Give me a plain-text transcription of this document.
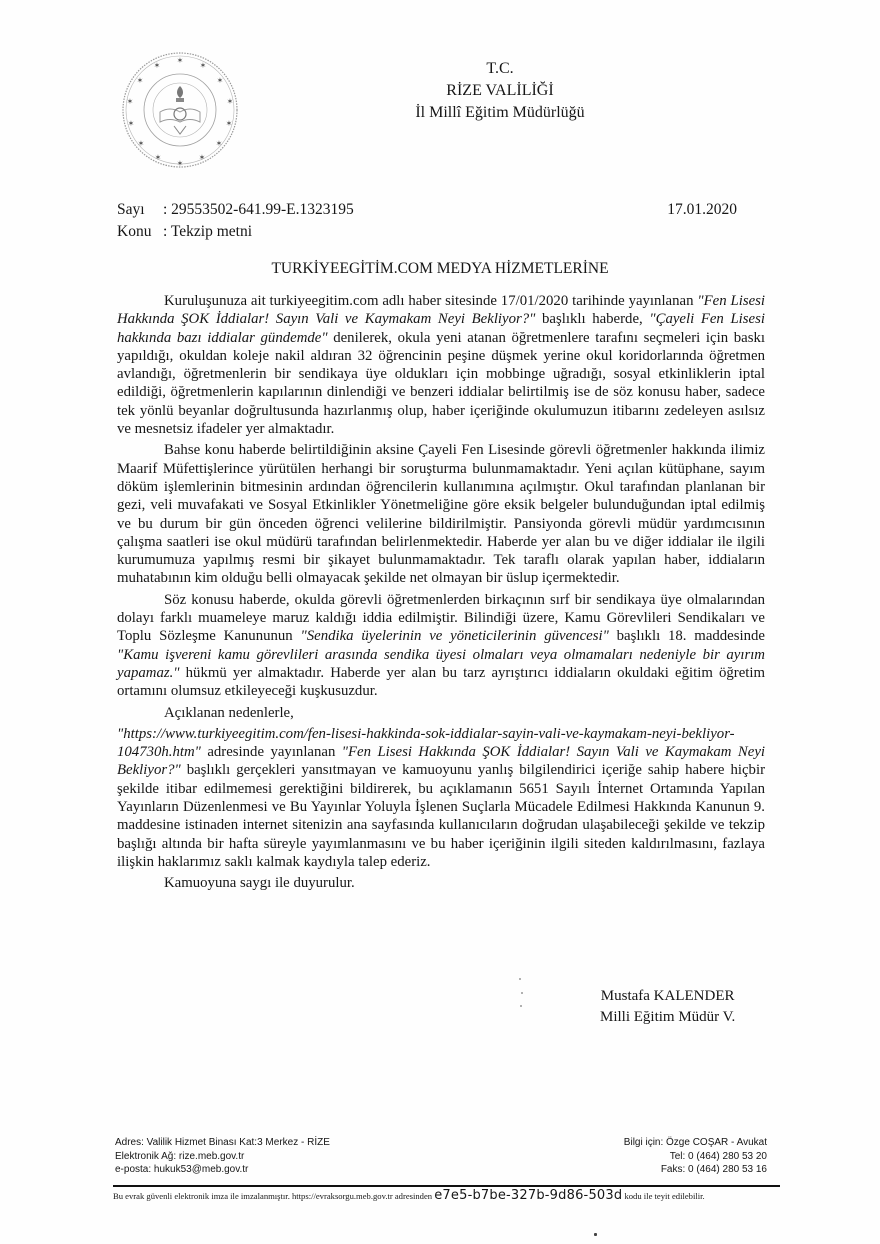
✶
✶	✶
✶	✶
✶	✶
✶	✶
✶	✶
✶	✶
✶
T.C.
RİZE VALİLİĞİ
İl Millî Eğitim Müdürlüğü
Sayı	: 29553502-641.99-E.1323195
Konu : Tekzip metni
17.01.2020
TURKİYEEGİTİM.COM MEDYA HİZMETLERİNE

Kuruluşunuza ait turkiyeegitim.com adlı haber sitesinde 17/01/2020 tarihinde yayınlanan "Fen Lisesi Hakkında ŞOK İddialar! Sayın Vali ve Kaymakam Neyi Bekliyor?" başlıklı haberde, "Çayeli Fen Lisesi hakkında bazı iddialar gündemde" denilerek, okula yeni atanan öğretmenlere tarafını seçmeleri için baskı yapıldığı, okuldan koleje nakil aldıran 32 öğrencinin peşine düşmek yerine okul koridorlarında öğretmen avlandığı, öğretmenlerin bir sendikaya üye oldukları için mobbinge uğradığı, sosyal etkinliklerin iptal edildiği, öğretmenlerin kapılarının dinlendiği ve benzeri iddialar belirtilmiş ise de söz konusu haber, sadece tek yönlü beyanlar doğrultusunda hazırlanmış olup, haber içeriğinde okulumuzun itibarını zedeleyen asılsız ve mesnetsiz ifadeler yer almaktadır.

Bahse konu haberde belirtildiğinin aksine Çayeli Fen Lisesinde görevli öğretmenler hakkında ilimiz Maarif Müfettişlerince yürütülen herhangi bir soruşturma bulunmamaktadır. Yeni açılan kütüphane, sayım döküm işlemlerinin bitmesinin ardından öğrencilerin kullanımına açılmıştır. Okul tarafından planlanan bir gezi, veli muvafakati ve Sosyal Etkinlikler Yönetmeliğine göre eksik belgeler bulunduğundan iptal edilmiş ve bu durum bir gün önceden öğrenci velilerine bildirilmiştir. Pansiyonda görevli müdür yardımcısının çalışma saatleri ise okul müdürü tarafından belirlenmektedir. Haberde yer alan bu ve diğer iddialar ile ilgili kurumumuza yapılmış resmi bir şikayet bulunmamaktadır. Tek taraflı olarak yapılan haber, iddiaların muhatabının kim olduğu belli olmayacak şekilde net olmayan bir üslup içermektedir.

Söz konusu haberde, okulda görevli öğretmenlerden birkaçının sırf bir sendikaya üye olmalarından dolayı farklı muameleye maruz kaldığı iddia edilmiştir. Bilindiği üzere, Kamu Görevlileri Sendikaları ve Toplu Sözleşme Kanununun "Sendika üyelerinin ve yöneticilerinin güvencesi" başlıklı 18. maddesinde "Kamu işvereni kamu görevlileri arasında sendika üyesi olmaları veya olmamaları nedeniyle bir ayırım yapamaz." hükmü yer almaktadır. Haberde yer alan bu tarz ayrıştırıcı iddiaların okuldaki eğitim öğretim ortamını olumsuz etkileyeceği kuşkusuzdur.

Açıklanan nedenlerle,

"https://www.turkiyeegitim.com/fen-lisesi-hakkinda-sok-iddialar-sayin-vali-ve-kaymakam-neyi-bekliyor-104730h.htm" adresinde yayınlanan "Fen Lisesi Hakkında ŞOK İddialar! Sayın Vali ve Kaymakam Neyi Bekliyor?" başlıklı gerçekleri yansıtmayan ve kamuoyunu yanlış bilgilendirici içeriğe sahip habere hiçbir şekilde itibar edilmemesi gerektiğini bildirerek, bu açıklamanın 5651 Sayılı İnternet Ortamında Yapılan Yayınların Düzenlenmesi ve Bu Yayınlar Yoluyla İşlenen Suçlarla Mücadele Edilmesi Hakkında Kanunun 9. maddesine istinaden internet sitenizin ana sayfasında kullanıcıların doğrudan ulaşabileceği şekilde ve tekzip başlığı altında bir hafta süreyle yayımlanmasını ve bu haber içeriğinin ilgili siteden kaldırılmasını, fazlaya ilişkin haklarımız saklı kalmak kaydıyla talep ederiz.

Kamuoyuna saygı ile duyurulur.

Mustafa KALENDER
Milli Eğitim Müdür V.
Adres: Valilik Hizmet Binası Kat:3 Merkez - RİZE
Elektronik Ağ: rize.meb.gov.tr
e-posta: hukuk53@meb.gov.tr
Bilgi için: Özge COŞAR - Avukat
Tel: 0 (464) 280 53 20
Faks: 0 (464) 280 53 16
Bu evrak güvenli elektronik imza ile imzalanmıştır. https://evraksorgu.meb.gov.tr adresinden e7e5-b7be-327b-9d86-503d kodu ile teyit edilebilir.
